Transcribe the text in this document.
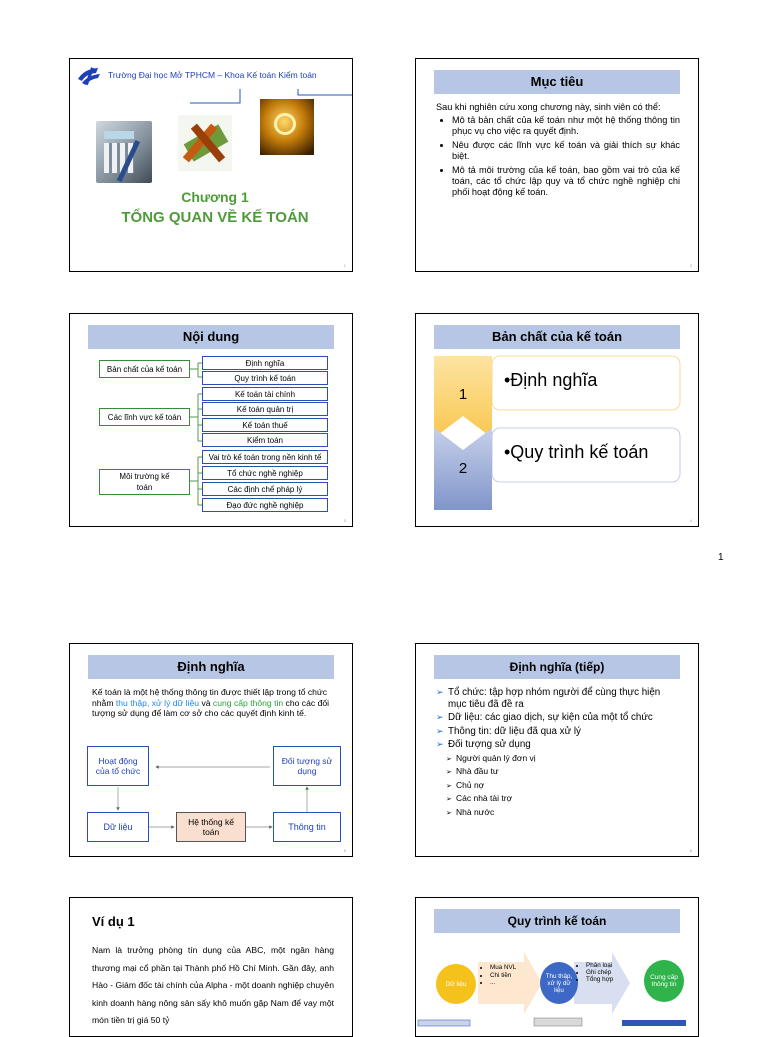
Trường Đại học Mở TPHCM – Khoa Kế toán Kiểm toán
Chương 1
TỔNG QUAN VỀ KẾ TOÁN
1
Mục tiêu
Sau khi nghiên cứu xong chương này, sinh viên có thể:
• Mô tả bản chất của kế toán như một hệ thống thông tin phục vụ cho việc ra quyết định.
• Nêu được các lĩnh vực kế toán và giải thích sự khác biệt.
• Mô tả môi trường của kế toán, bao gồm vai trò của kế toán, các tổ chức lập quy và tổ chức nghề nghiệp chi phối hoạt động kế toán.
2
Nội dung
Bản chất của kế toán
Các lĩnh vực kế toán
Môi trường kế toán
Định nghĩa
Quy trình kế toán
Kế toán tài chính
Kế toán quản trị
Kế toán thuế
Kiểm toán
Vai trò kế toán trong nền kinh tế
Tổ chức nghề nghiệp
Các định chế pháp lý
Đạo đức nghề nghiệp
3
Bản chất của kế toán
1
•Định nghĩa
2
•Quy trình kế toán
4
1
Định nghĩa
Kế toán là một hệ thống thông tin được thiết lập trong tổ chức nhằm thu thập, xử lý dữ liệu và cung cấp thông tin cho các đối tượng sử dụng để làm cơ sở cho các quyết định kinh tế.
Hoạt động của tổ chức
Đối tượng sử dụng
Dữ liệu	Hệ thống kế toán	Thông tin
5
Định nghĩa (tiếp)
➢ Tổ chức: tập hợp nhóm người để cùng thực hiện mục tiêu đã đề ra
➢ Dữ liệu: các giao dịch, sự kiện của một tổ chức
➢ Thông tin: dữ liệu đã qua xử lý
➢ Đối tượng sử dụng
➢ Người quản lý đơn vị
➢ Nhà đầu tư
➢ Chủ nợ
➢ Các nhà tài trợ
➢ Nhà nước
6
Ví dụ 1
Nam là trưởng phòng tín dụng của ABC, một ngân hàng thương mại cổ phần tại Thành phố Hồ Chí Minh. Gần đây, anh Hào - Giám đốc tài chính của Alpha - một doanh nghiệp chuyên kinh doanh hàng nông sản sấy khô muốn gặp Nam để vay một món tiền trị giá 50 tỷ
Quy trình kế toán
Dữ liệu
• Mua NVL
• Chi tiền
• ...
Thu thập, xử lý dữ liệu
• Phân loại
• Ghi chép
• Tổng hợp	Cung cấp thông tin
